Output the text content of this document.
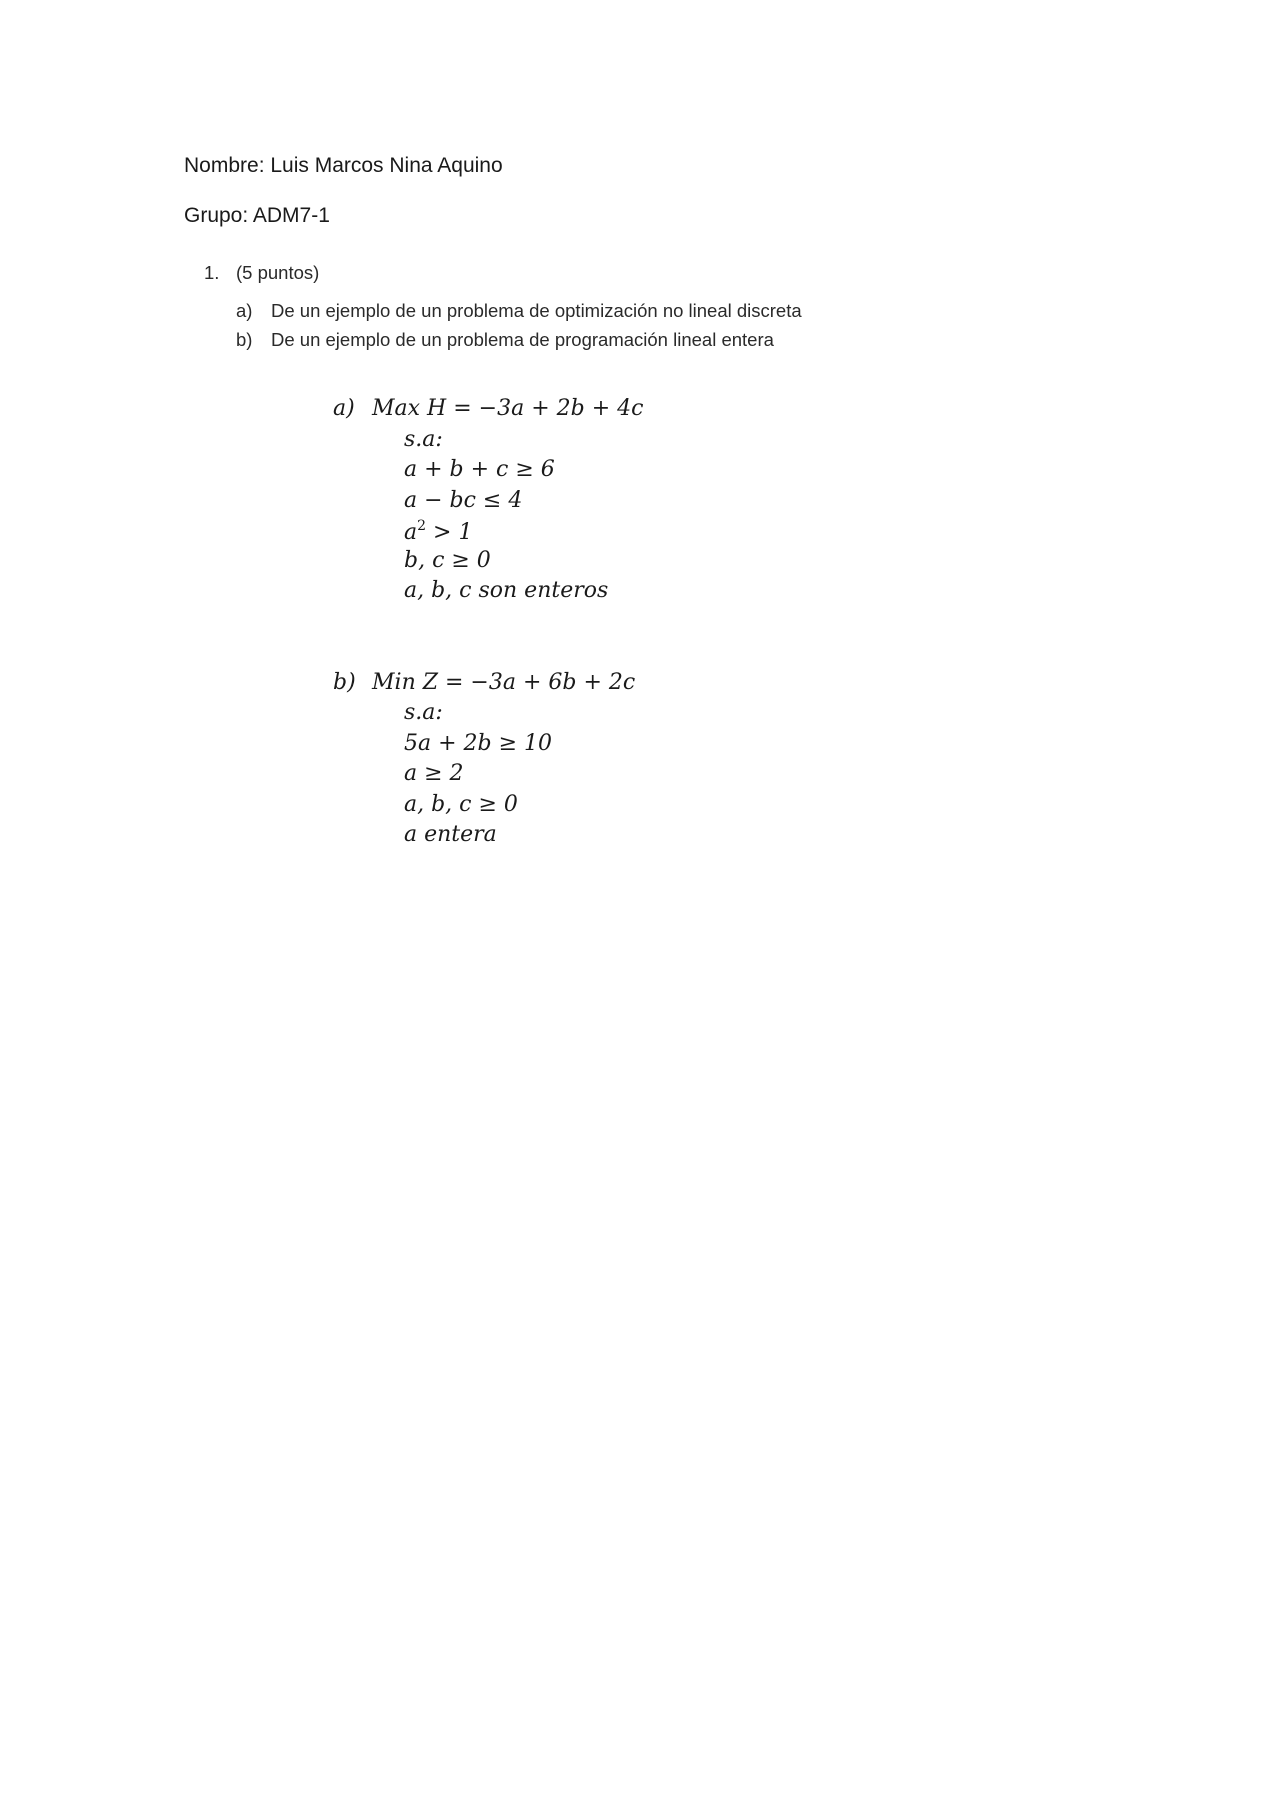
Nombre: Luis Marcos Nina Aquino
Grupo: ADM7-1
1. (5 puntos)
a) De un ejemplo de un problema de optimización no lineal discreta
b) De un ejemplo de un problema de programación lineal entera
a) Max H = −3a + 2b + 4c
s.a:
a + b + c ≥ 6
a − bc ≤ 4
$a^2 > 1$
b, c ≥ 0
a, b, c son enteros
b) Min Z = −3a + 6b + 2c
s.a:
5a + 2b ≥ 10
a ≥ 2
a, b, c ≥ 0
a entera
